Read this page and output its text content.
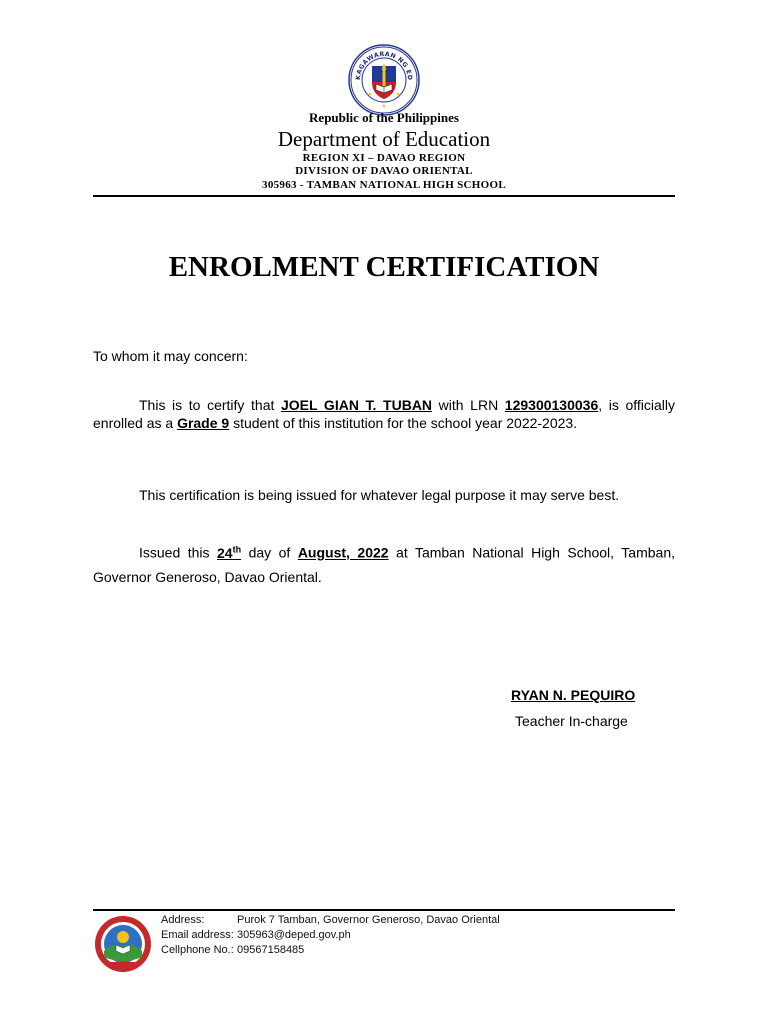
KAGAWARAN NG ED
Republic of the Philippines
Department of Education
REGION XI – DAVAO REGION
DIVISION OF DAVAO ORIENTAL
305963 - TAMBAN NATIONAL HIGH SCHOOL
ENROLMENT CERTIFICATION
To whom it may concern:
This is to certify that JOEL GIAN T. TUBAN with LRN 129300130036, is officially enrolled as a Grade 9 student of this institution for the school year 2022-2023.
This certification is being issued for whatever legal purpose it may serve best.
Issued this 24th day of August, 2022 at Tamban National High School, Tamban, Governor Generoso, Davao Oriental.
RYAN N. PEQUIRO
Teacher In-charge
Address:	Purok 7 Tamban, Governor Generoso, Davao Oriental
Email address: 305963@deped.gov.ph
Cellphone No.: 09567158485
